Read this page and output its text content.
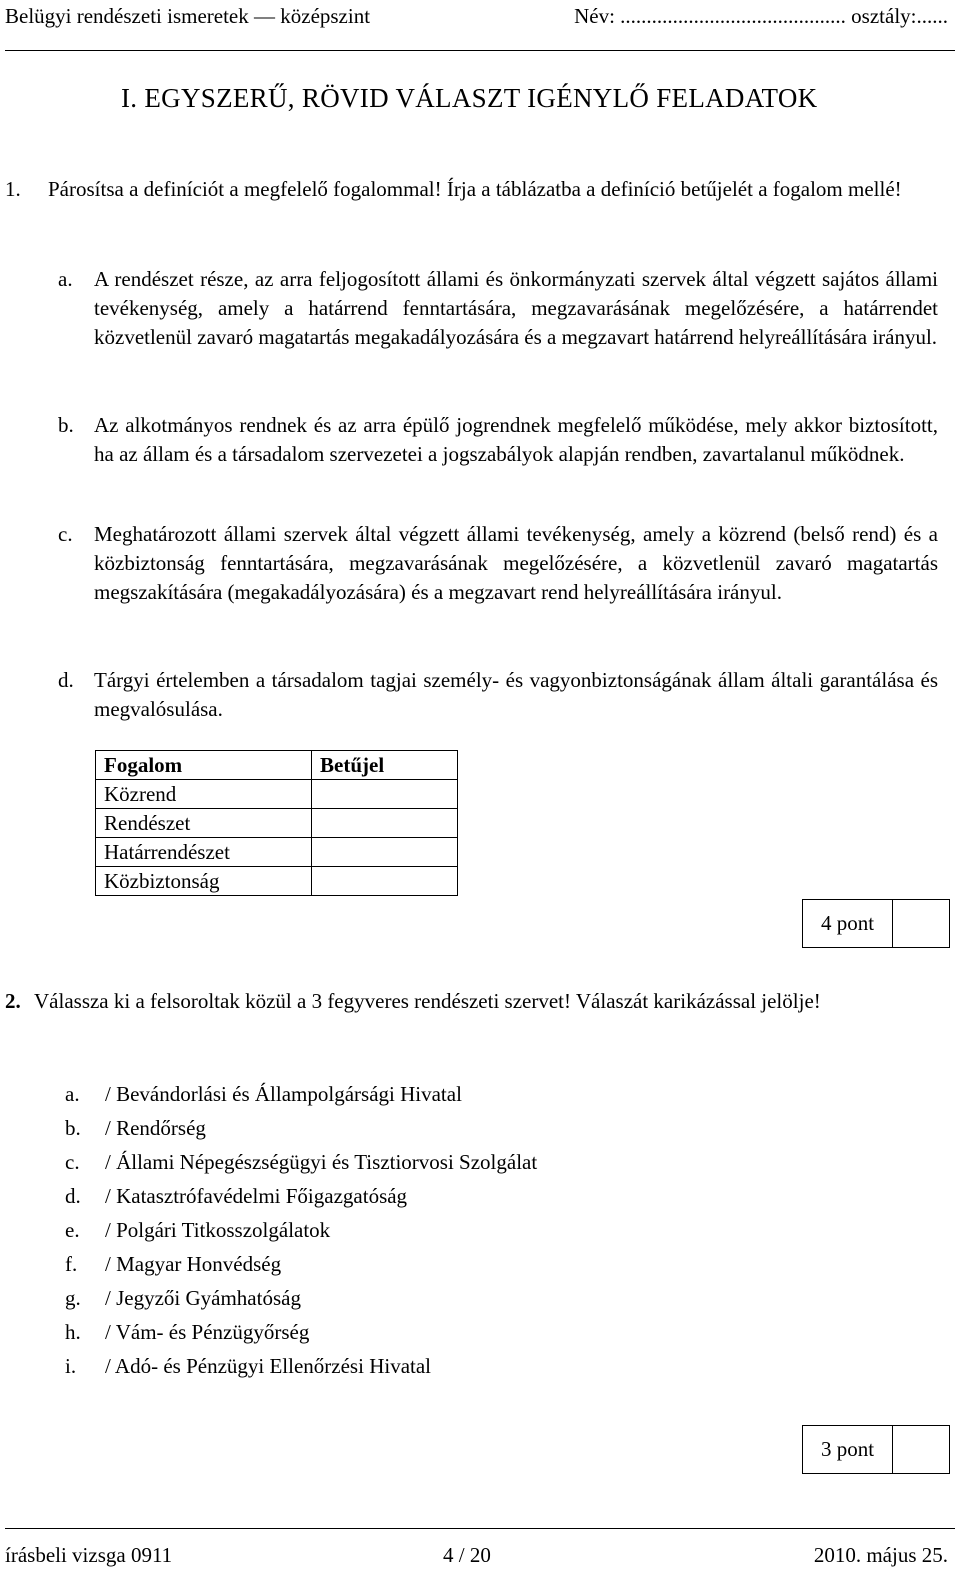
Belügyi rendészeti ismeretek — középszint	Név: ........................................... osztály:......
I. EGYSZERŰ, RÖVID VÁLASZT IGÉNYLŐ FELADATOK
1. Párosítsa a definíciót a megfelelő fogalommal! Írja a táblázatba a definíció betűjelét a fogalom mellé!
a. A rendészet része, az arra feljogosított állami és önkormányzati szervek által végzett sajátos állami tevékenység, amely a határrend fenntartására, megzavarásának megelőzésére, a határrendet közvetlenül zavaró magatartás megakadályozására és a megzavart határrend helyreállítására irányul.
b. Az alkotmányos rendnek és az arra épülő jogrendnek megfelelő működése, mely akkor biztosított, ha az állam és a társadalom szervezetei a jogszabályok alapján rendben, zavartalanul működnek.
c. Meghatározott állami szervek által végzett állami tevékenység, amely a közrend (belső rend) és a közbiztonság fenntartására, megzavarásának megelőzésére, a közvetlenül zavaró magatartás megszakítására (megakadályozására) és a megzavart rend helyreállítására irányul.
d. Tárgyi értelemben a társadalom tagjai személy- és vagyonbiztonságának állam általi garantálása és megvalósulása.
Fogalom	Betűjel
Közrend	
Rendészet	
Határrendészet	
Közbiztonság	
4 pont
2. Válassza ki a felsoroltak közül a 3 fegyveres rendészeti szervet! Válaszát karikázással jelölje!
a. / Bevándorlási és Állampolgársági Hivatal
b. / Rendőrség
c. / Állami Népegészségügyi és Tisztiorvosi Szolgálat
d. / Katasztrófavédelmi Főigazgatóság
e. / Polgári Titkosszolgálatok
f. / Magyar Honvédség
g. / Jegyzői Gyámhatóság
h. / Vám- és Pénzügyőrség
i. / Adó- és Pénzügyi Ellenőrzési Hivatal
3 pont
írásbeli vizsga 0911	4 / 20	2010. május 25.
